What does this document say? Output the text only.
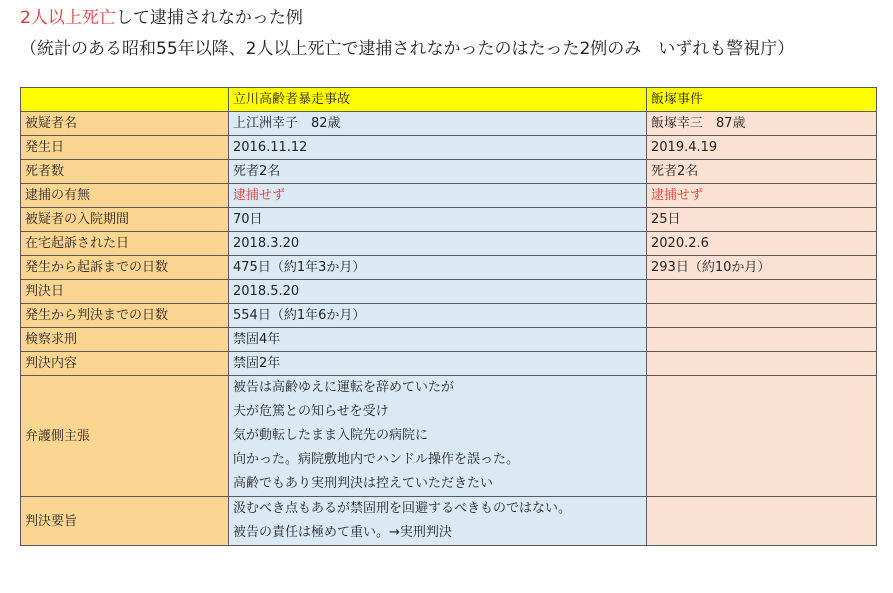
2人以上死亡して逮捕されなかった例
（統計のある昭和55年以降、2人以上死亡で逮捕されなかったのはたった2例のみ　いずれも警視庁）
	立川高齢者暴走事故	飯塚事件
被疑者名	上江洲幸子　82歳	飯塚幸三　87歳
発生日	2016.11.12	2019.4.19
死者数	死者2名	死者2名
逮捕の有無	逮捕せず	逮捕せず
被疑者の入院期間	70日	25日
在宅起訴された日	2018.3.20	2020.2.6
発生から起訴までの日数	475日（約1年3か月）	293日（約10か月）
判決日	2018.5.20	
発生から判決までの日数	554日（約1年6か月）	
検察求刑	禁固4年	
判決内容	禁固2年	
弁護側主張	被告は高齢ゆえに運転を辞めていたが
夫が危篤との知らせを受け
気が動転したまま入院先の病院に
向かった。病院敷地内でハンドル操作を誤った。
高齢でもあり実刑判決は控えていただきたい	

判決要旨	汲むべき点もあるが禁固刑を回避するべきものではない。
被告の責任は極めて重い。→実刑判決	
